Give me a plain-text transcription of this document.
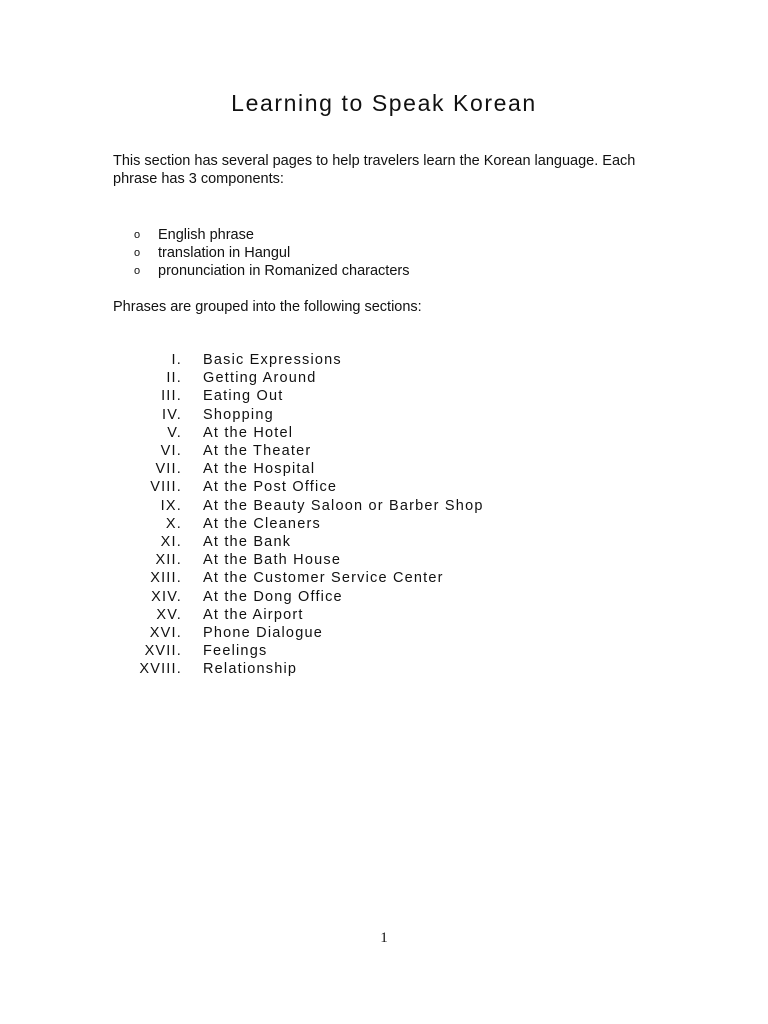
Learning to Speak Korean

This section has several pages to help travelers learn the Korean language. Each phrase has 3 components:

o English phrase
o translation in Hangul
o pronunciation in Romanized characters

Phrases are grouped into the following sections:

I.	Basic Expressions
II.	Getting Around
III.	Eating Out
IV.	Shopping
V.	At the Hotel
VI.	At the Theater
VII.	At the Hospital
VIII.	At the Post Office
IX.	At the Beauty Saloon or Barber Shop
X.	At the Cleaners
XI.	At the Bank
XII.	At the Bath House
XIII.	At the Customer Service Center
XIV.	At the Dong Office
XV.	At the Airport
XVI.	Phone Dialogue
XVII.	Feelings
XVIII.	Relationship
1
